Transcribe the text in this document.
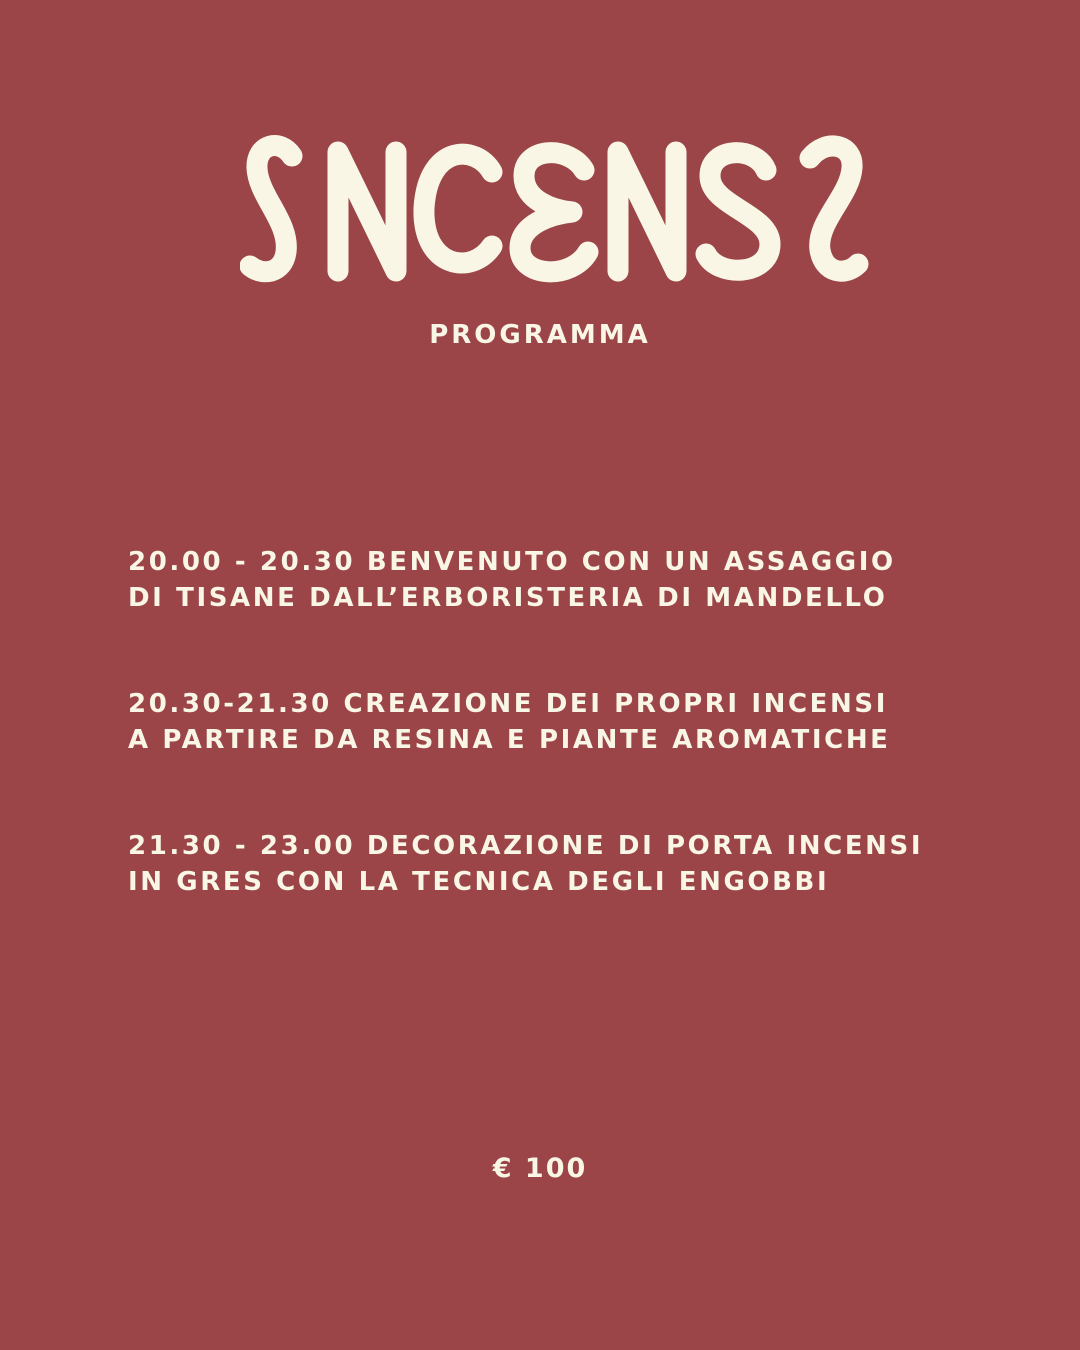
PROGRAMMA
20.00 - 20.30 BENVENUTO CON UN ASSAGGIO
DI TISANE DALL’ERBORISTERIA DI MANDELLO
20.30-21.30 CREAZIONE DEI PROPRI INCENSI
A PARTIRE DA RESINA E PIANTE AROMATICHE
21.30 - 23.00 DECORAZIONE DI PORTA INCENSI
IN GRES CON LA TECNICA DEGLI ENGOBBI
€ 100
